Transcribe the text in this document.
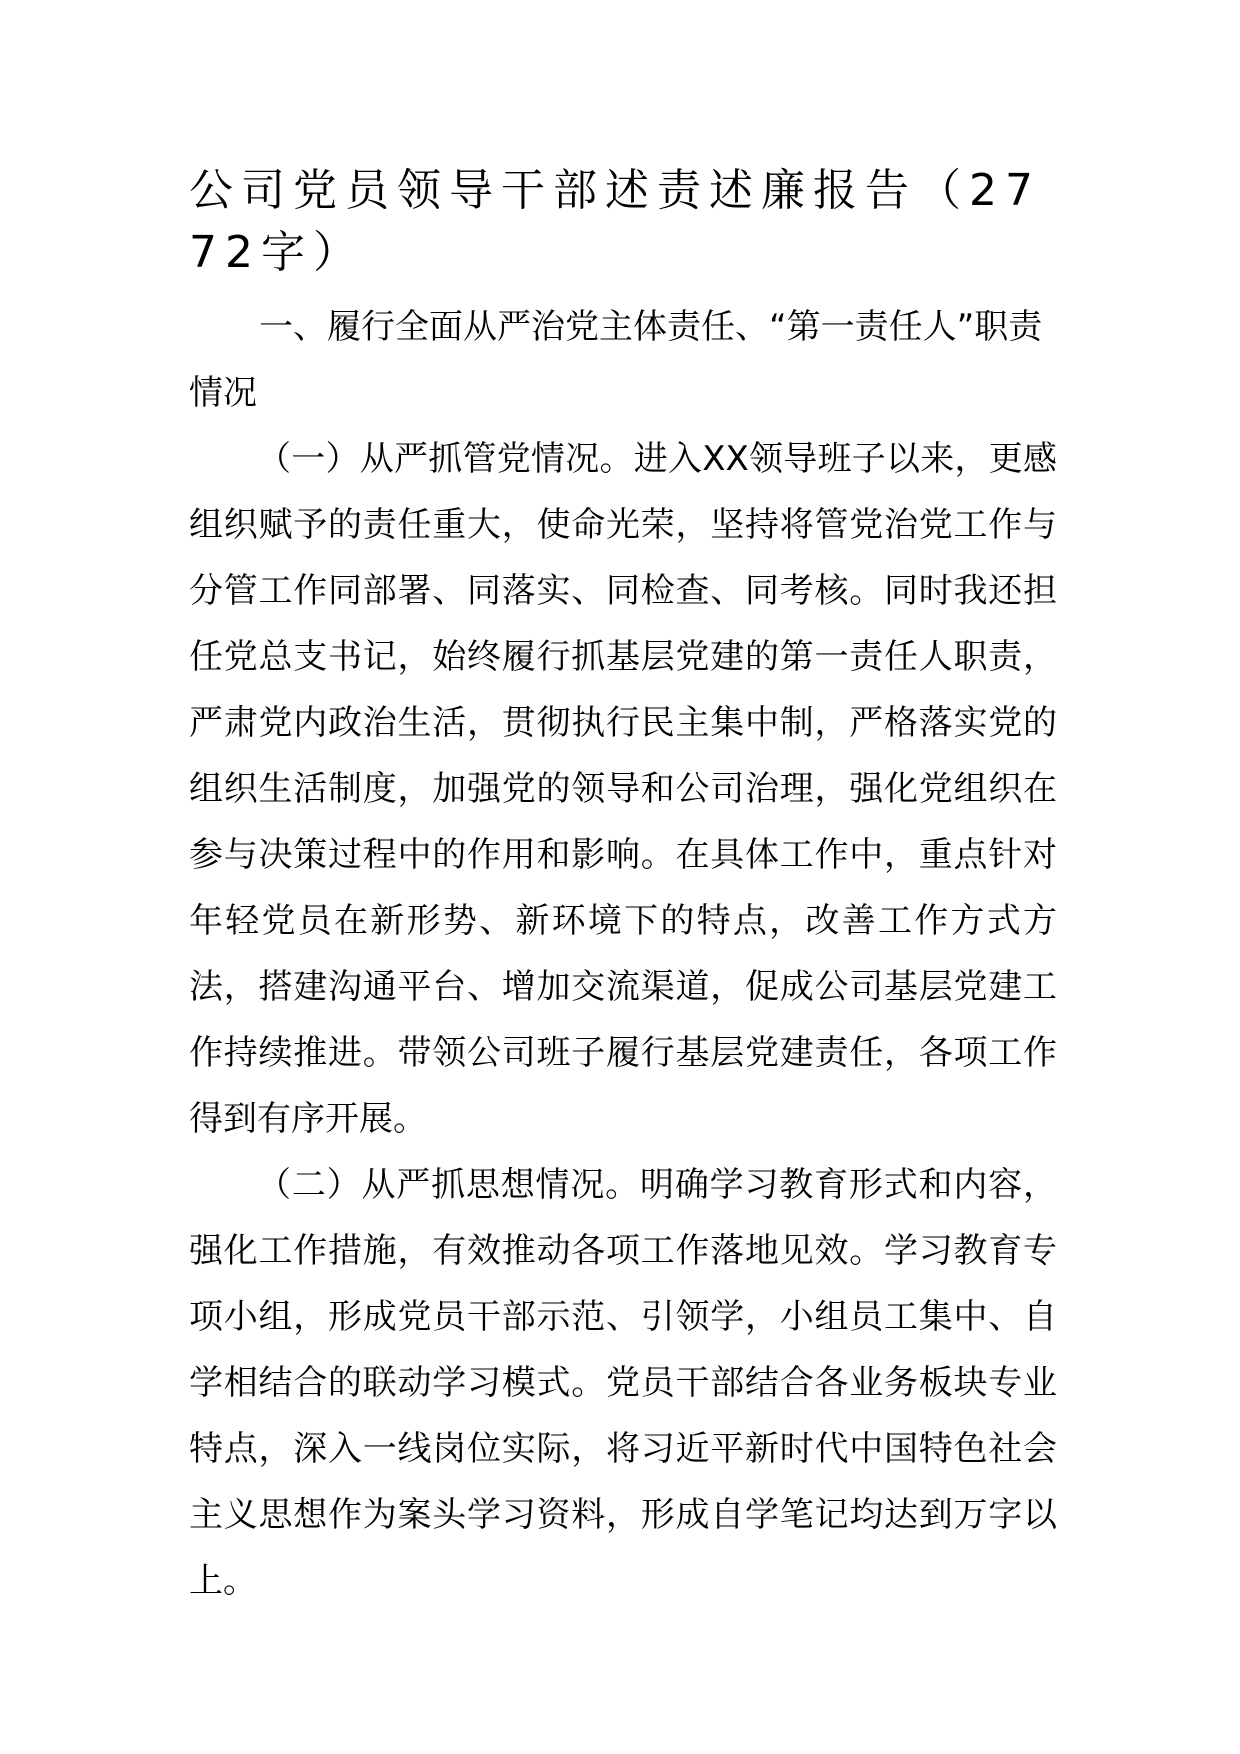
公司党员领导干部述责述廉报告（2772字）

一、履行全面从严治党主体责任、“第一责任人”职责情况

（一）从严抓管党情况。进入XX领导班子以来，更感组织赋予的责任重大，使命光荣，坚持将管党治党工作与分管工作同部署、同落实、同检查、同考核。同时我还担任党总支书记，始终履行抓基层党建的第一责任人职责，严肃党内政治生活，贯彻执行民主集中制，严格落实党的组织生活制度，加强党的领导和公司治理，强化党组织在参与决策过程中的作用和影响。在具体工作中，重点针对年轻党员在新形势、新环境下的特点，改善工作方式方法，搭建沟通平台、增加交流渠道，促成公司基层党建工作持续推进。带领公司班子履行基层党建责任，各项工作得到有序开展。

（二）从严抓思想情况。明确学习教育形式和内容，强化工作措施，有效推动各项工作落地见效。学习教育专项小组，形成党员干部示范、引领学，小组员工集中、自学相结合的联动学习模式。党员干部结合各业务板块专业特点，深入一线岗位实际，将习近平新时代中国特色社会主义思想作为案头学习资料，形成自学笔记均达到万字以上。
